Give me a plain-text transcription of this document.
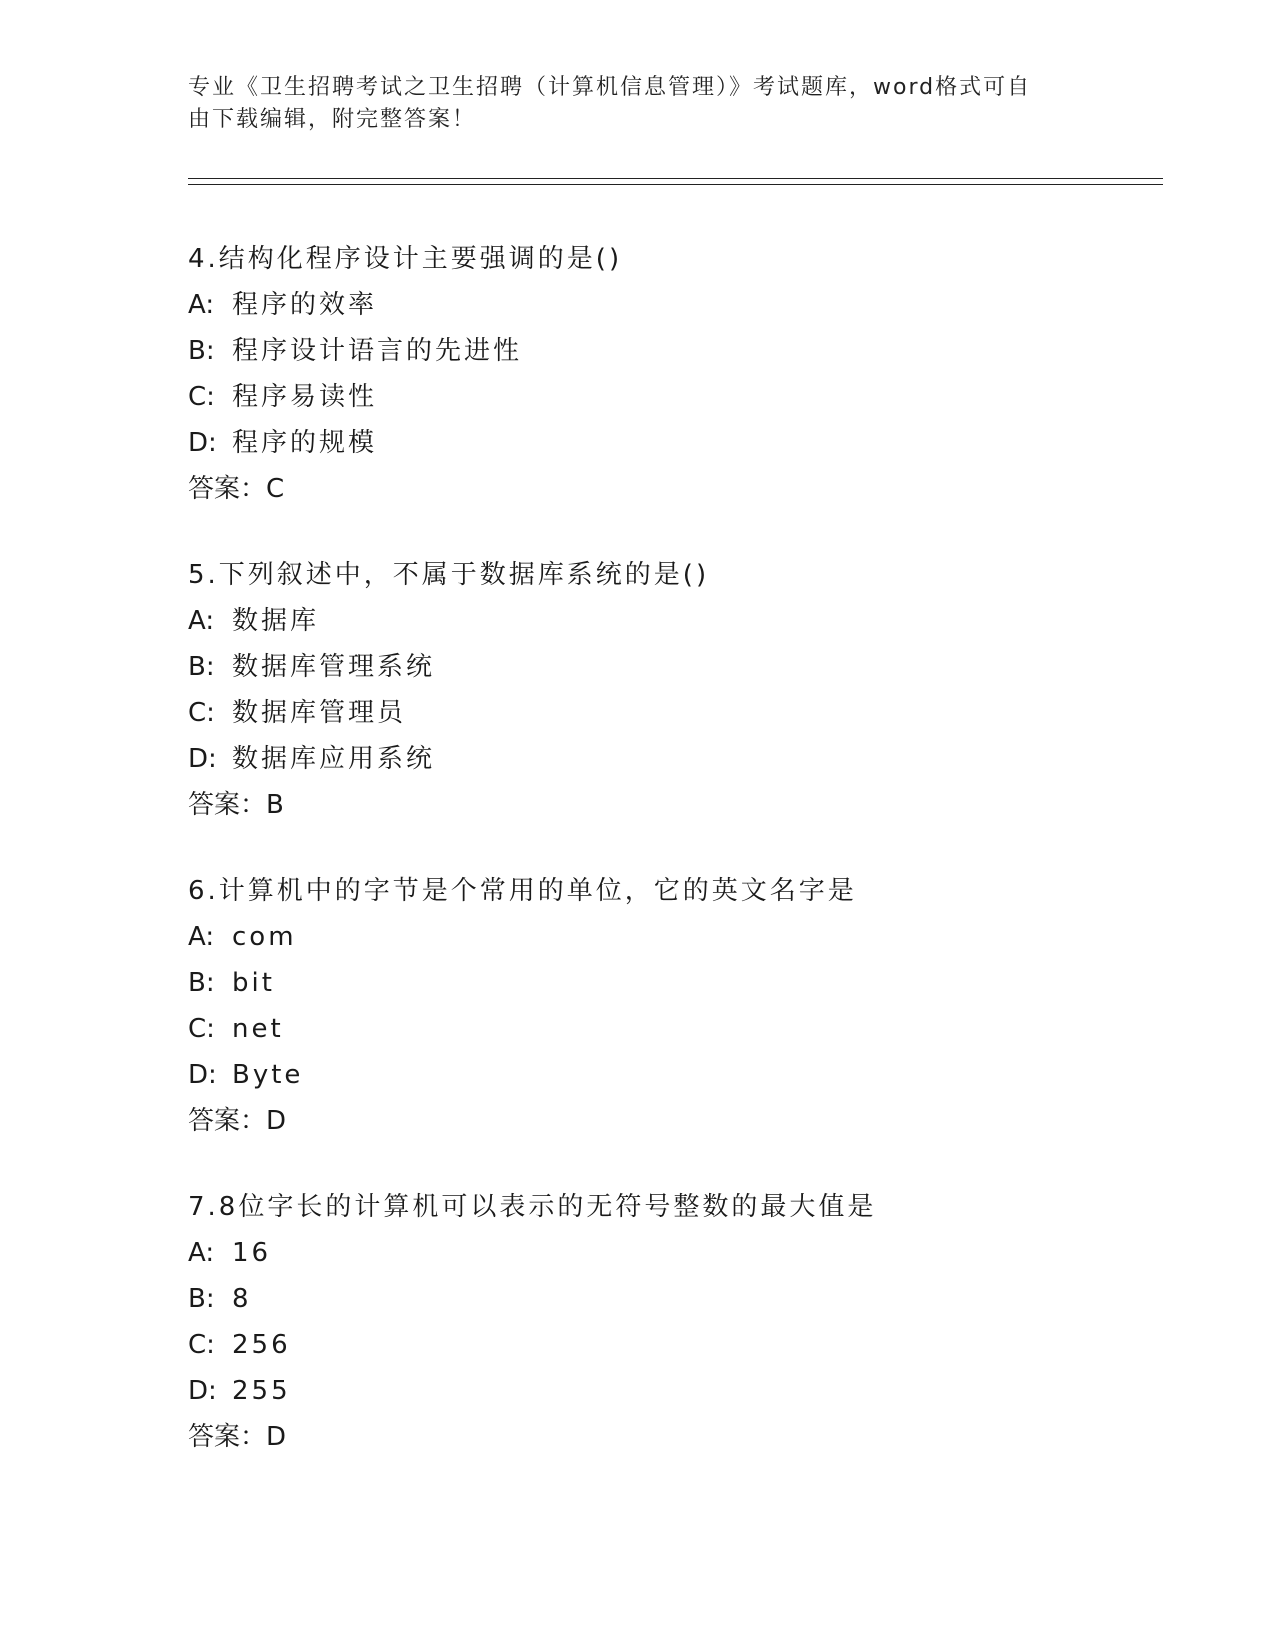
专业《卫生招聘考试之卫生招聘（计算机信息管理）》考试题库，word格式可自
由下载编辑，附完整答案！
4.结构化程序设计主要强调的是()
A: 程序的效率
B: 程序设计语言的先进性
C: 程序易读性
D: 程序的规模
答案：C
5.下列叙述中，不属于数据库系统的是()
A: 数据库
B: 数据库管理系统
C: 数据库管理员
D: 数据库应用系统
答案：B
6.计算机中的字节是个常用的单位，它的英文名字是
A: com
B: bit
C: net
D: Byte
答案：D
7.8位字长的计算机可以表示的无符号整数的最大值是
A: 16
B: 8
C: 256
D: 255
答案：D
